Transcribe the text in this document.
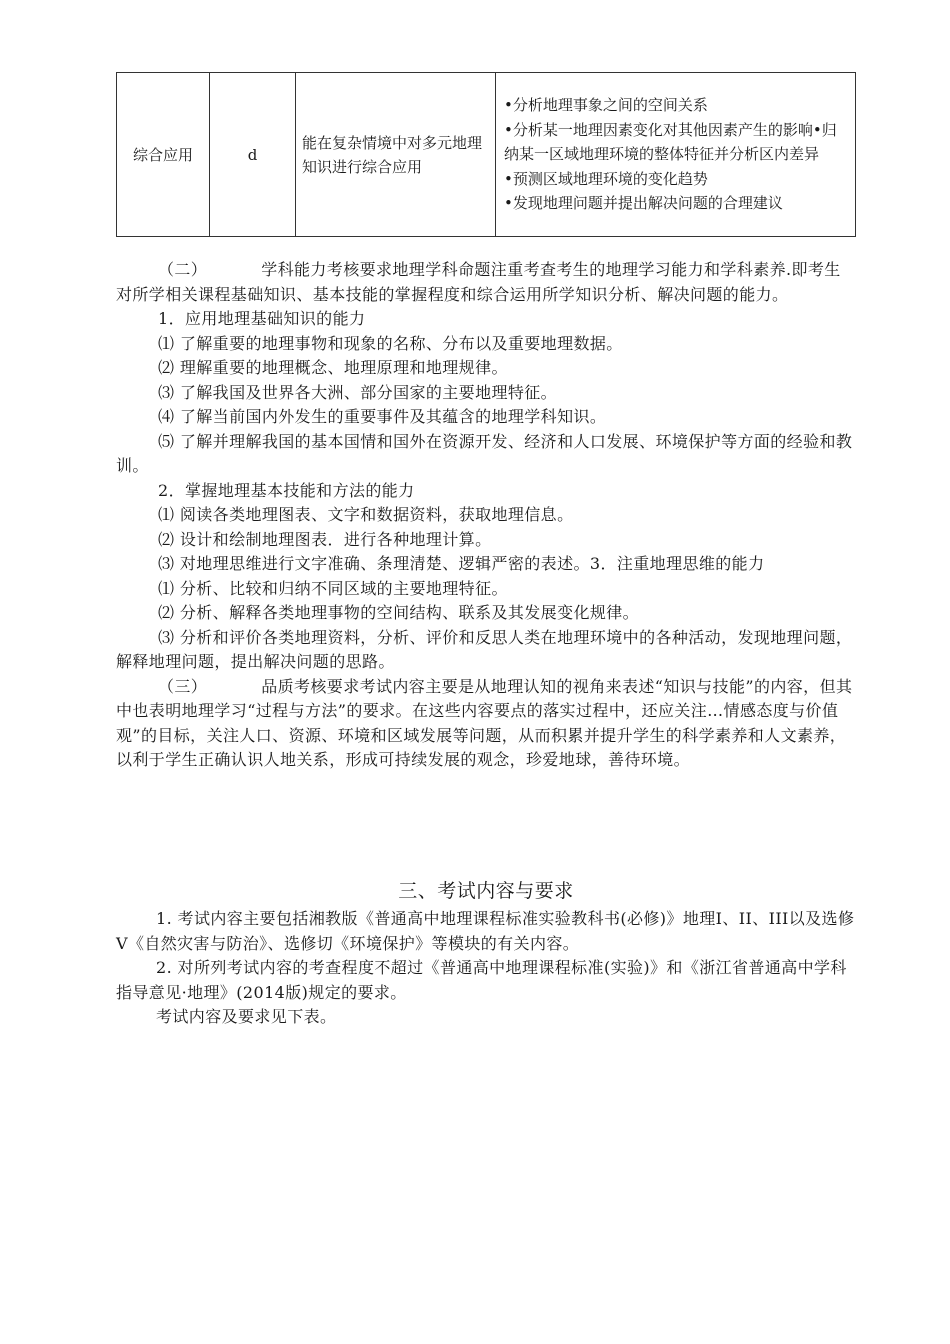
综合应用	d	能在复杂情境中对多元地理知识进行综合应用	
•分析地理事象之间的空间关系
•分析某一地理因素变化对其他因素产生的影响•归纳某一区域地理环境的整体特征并分析区内差异
•预测区域地理环境的变化趋势
•发现地理问题并提出解决问题的合理建议

（二）	学科能力考核要求地理学科命题注重考查考生的地理学习能力和学科素养.即考生对所学相关课程基础知识、基本技能的掌握程度和综合运用所学知识分析、解决问题的能力。

1．应用地理基础知识的能力

⑴ 了解重要的地理事物和现象的名称、分布以及重要地理数据。

⑵ 理解重要的地理概念、地理原理和地理规律。

⑶ 了解我国及世界各大洲、部分国家的主要地理特征。

⑷ 了解当前国内外发生的重要事件及其蕴含的地理学科知识。

⑸ 了解并理解我国的基本国情和国外在资源开发、经济和人口发展、环境保护等方面的经验和教训。

2．掌握地理基本技能和方法的能力

⑴ 阅读各类地理图表、文字和数据资料，获取地理信息。

⑵ 设计和绘制地理图表．进行各种地理计算。

⑶ 对地理思维进行文字准确、条理清楚、逻辑严密的表述。3．注重地理思维的能力

⑴ 分析、比较和归纳不同区域的主要地理特征。

⑵ 分析、解释各类地理事物的空间结构、联系及其发展变化规律。

⑶ 分析和评价各类地理资料，分析、评价和反思人类在地理环境中的各种活动，发现地理问题，解释地理问题，提出解决问题的思路。

（三）	品质考核要求考试内容主要是从地理认知的视角来表述“知识与技能”的内容，但其中也表明地理学习“过程与方法”的要求。在这些内容要点的落实过程中，还应关注…情感态度与价值观”的目标，关注人口、资源、环境和区域发展等问题，从而积累并提升学生的科学素养和人文素养，以利于学生正确认识人地关系，形成可持续发展的观念，珍爱地球，善待环境。

三、考试内容与要求

1. 考试内容主要包括湘教版《普通高中地理课程标准实验教科书(必修)》地理Ⅰ、II、III以及选修Ⅴ《自然灾害与防治》、选修切《环境保护》等模块的有关内容。

2. 对所列考试内容的考查程度不超过《普通高中地理课程标准(实验)》和《浙江省普通高中学科指导意见·地理》(2014版)规定的要求。

考试内容及要求见下表。
